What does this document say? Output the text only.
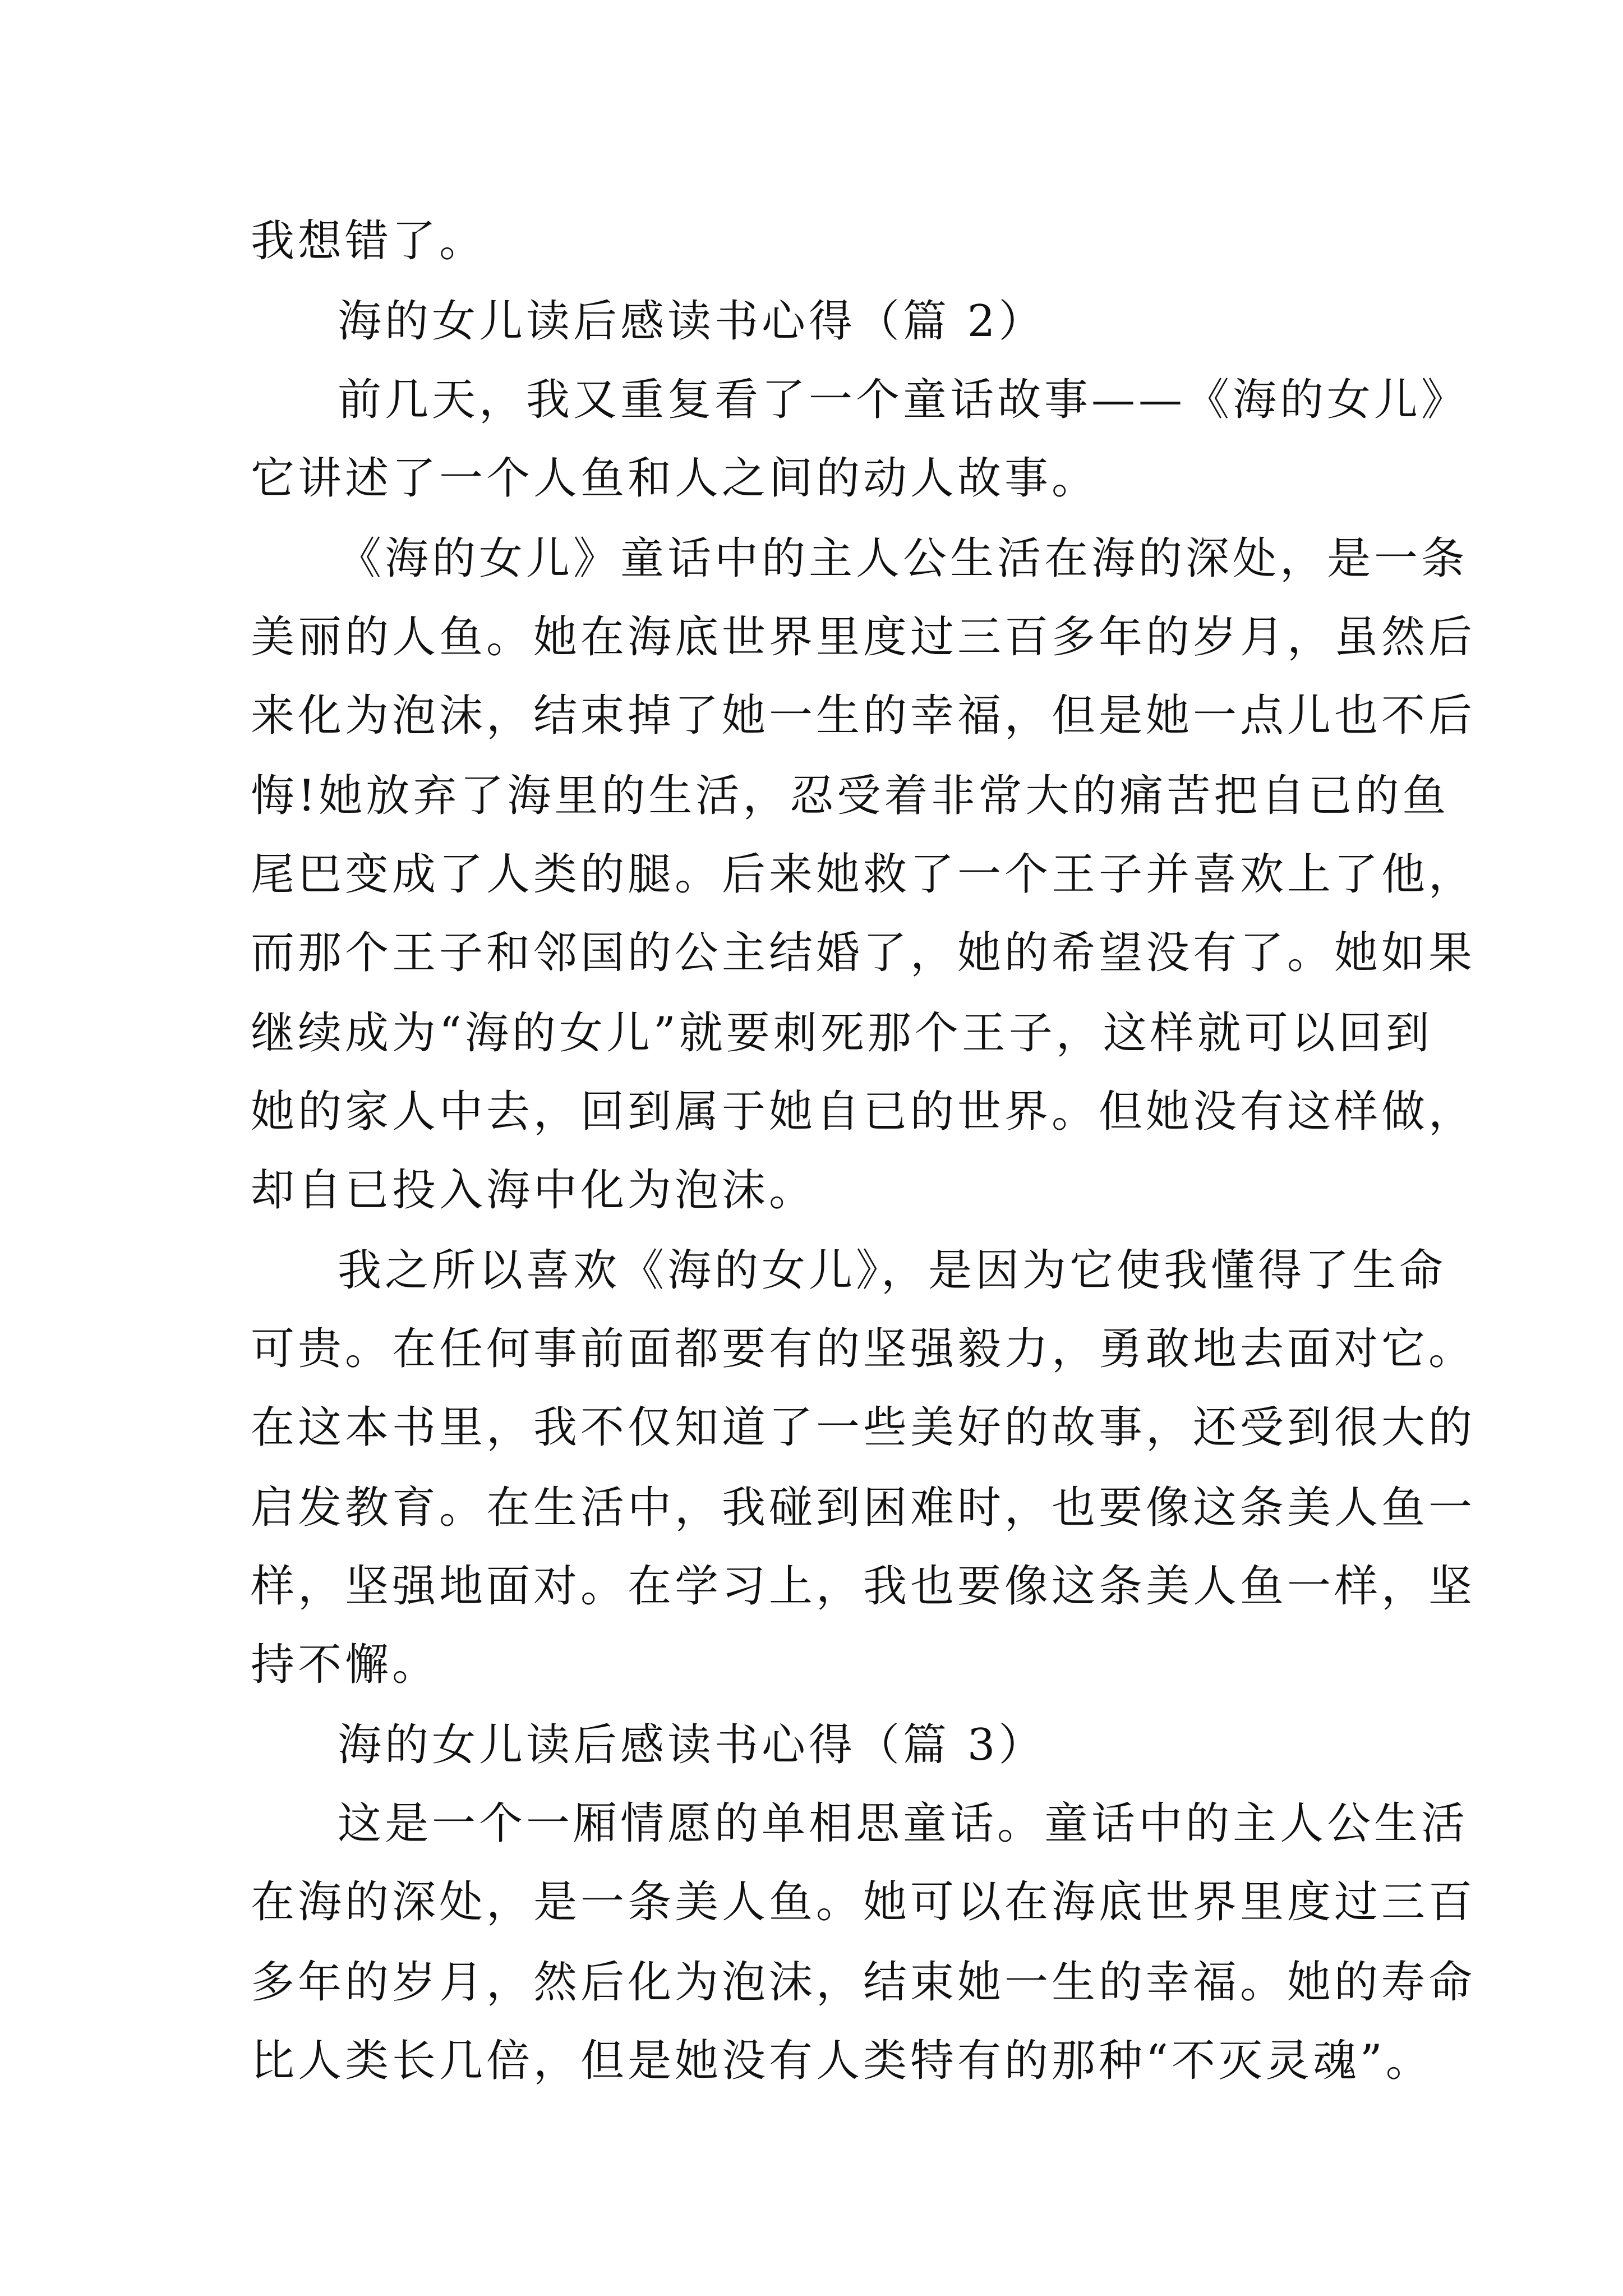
我想错了。
海的女儿读后感读书心得（篇 2）
前几天，我又重复看了一个童话故事——《海的女儿》
它讲述了一个人鱼和人之间的动人故事。
《海的女儿》童话中的主人公生活在海的深处，是一条
美丽的人鱼。她在海底世界里度过三百多年的岁月，虽然后
来化为泡沫，结束掉了她一生的幸福，但是她一点儿也不后
悔!她放弃了海里的生活，忍受着非常大的痛苦把自已的鱼
尾巴变成了人类的腿。后来她救了一个王子并喜欢上了他，
而那个王子和邻国的公主结婚了，她的希望没有了。她如果
继续成为“海的女儿”就要刺死那个王子，这样就可以回到
她的家人中去，回到属于她自已的世界。但她没有这样做，
却自已投入海中化为泡沫。
我之所以喜欢《海的女儿》，是因为它使我懂得了生命
可贵。在任何事前面都要有的坚强毅力，勇敢地去面对它。
在这本书里，我不仅知道了一些美好的故事，还受到很大的
启发教育。在生活中，我碰到困难时，也要像这条美人鱼一
样，坚强地面对。在学习上，我也要像这条美人鱼一样，坚
持不懈。
海的女儿读后感读书心得（篇 3）
这是一个一厢情愿的单相思童话。童话中的主人公生活
在海的深处，是一条美人鱼。她可以在海底世界里度过三百
多年的岁月，然后化为泡沫，结束她一生的幸福。她的寿命
比人类长几倍，但是她没有人类特有的那种“不灭灵魂”。
